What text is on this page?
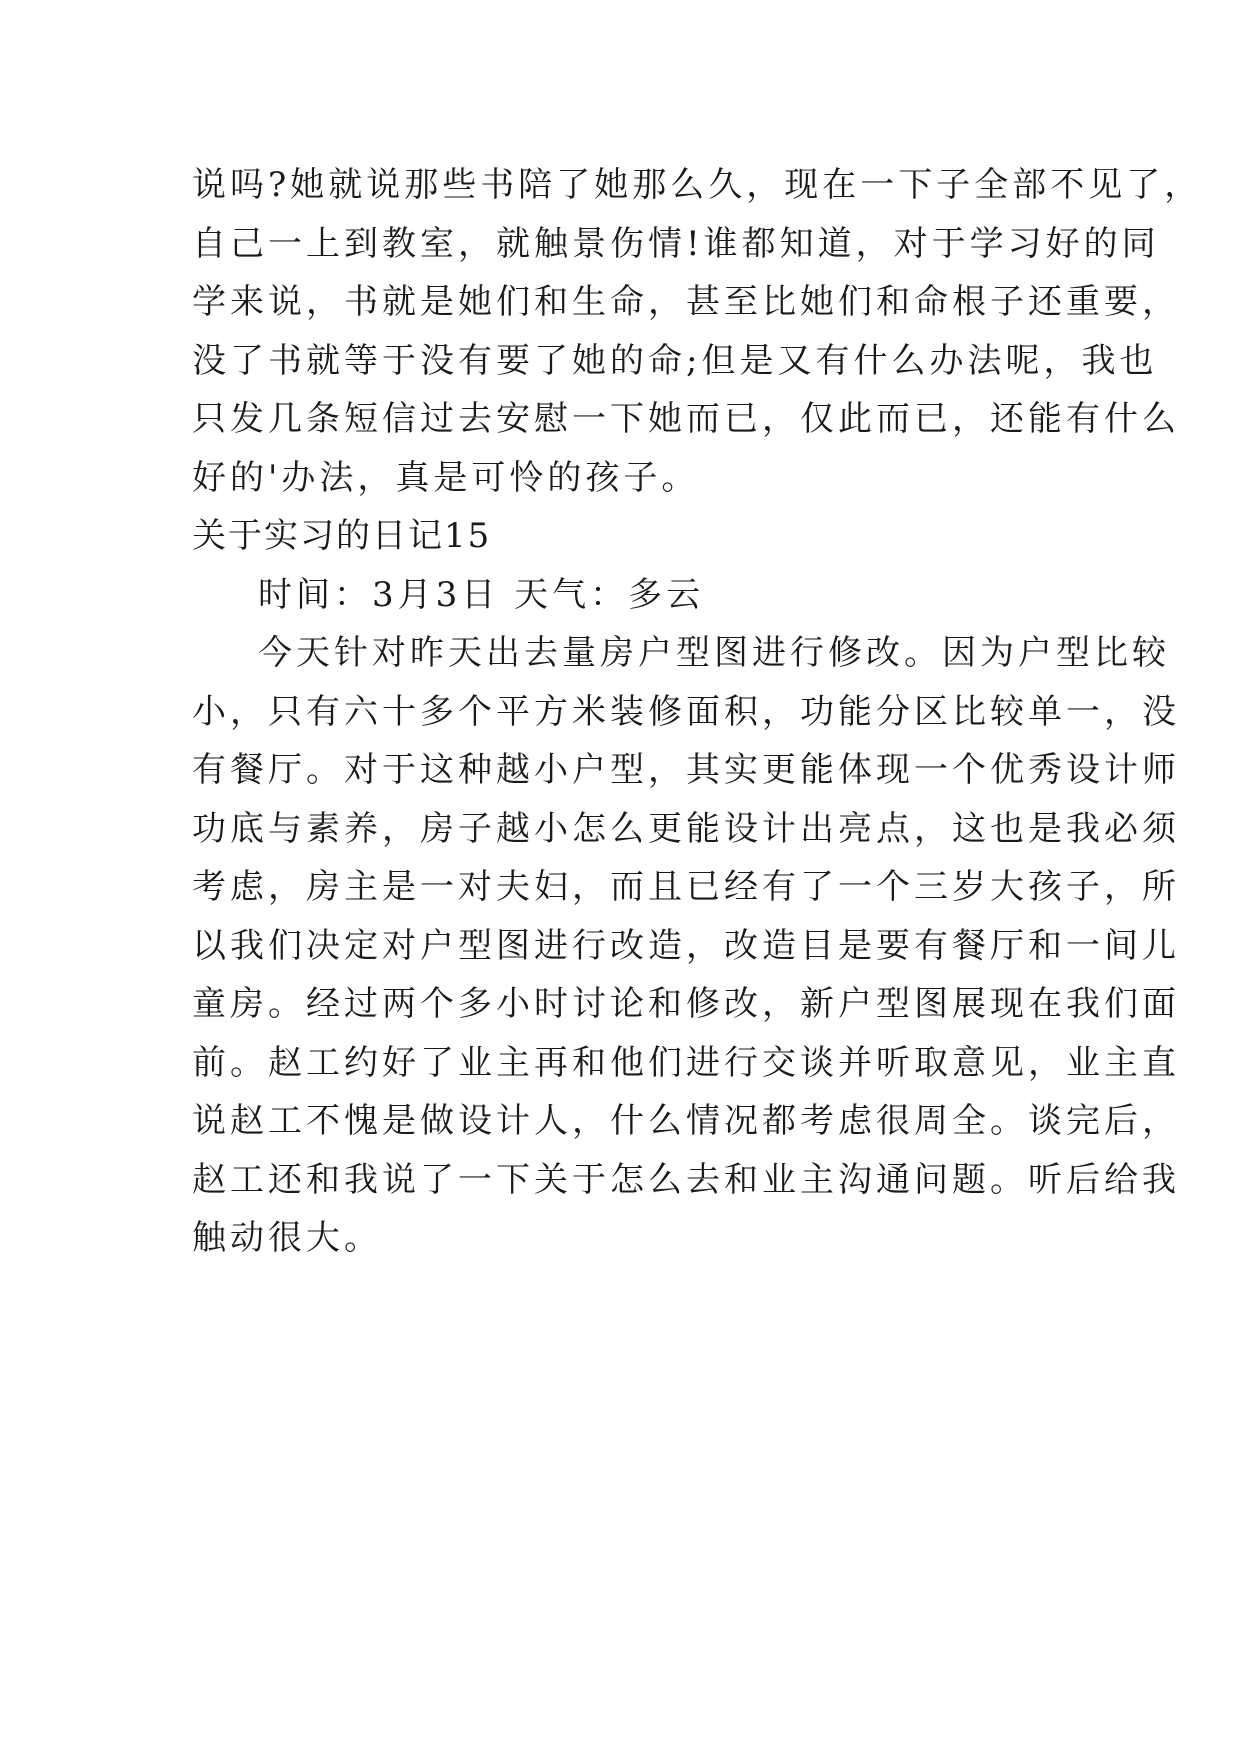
说吗?她就说那些书陪了她那么久，现在一下子全部不见了，
自己一上到教室，就触景伤情!谁都知道，对于学习好的同
学来说，书就是她们和生命，甚至比她们和命根子还重要，
没了书就等于没有要了她的命;但是又有什么办法呢，我也
只发几条短信过去安慰一下她而已，仅此而已，还能有什么
好的'办法，真是可怜的孩子。
关于实习的日记15
时间：3月3日 天气：多云
今天针对昨天出去量房户型图进行修改。因为户型比较
小，只有六十多个平方米装修面积，功能分区比较单一，没
有餐厅。对于这种越小户型，其实更能体现一个优秀设计师
功底与素养，房子越小怎么更能设计出亮点，这也是我必须
考虑，房主是一对夫妇，而且已经有了一个三岁大孩子，所
以我们决定对户型图进行改造，改造目是要有餐厅和一间儿
童房。经过两个多小时讨论和修改，新户型图展现在我们面
前。赵工约好了业主再和他们进行交谈并听取意见，业主直
说赵工不愧是做设计人，什么情况都考虑很周全。谈完后，
赵工还和我说了一下关于怎么去和业主沟通问题。听后给我
触动很大。
